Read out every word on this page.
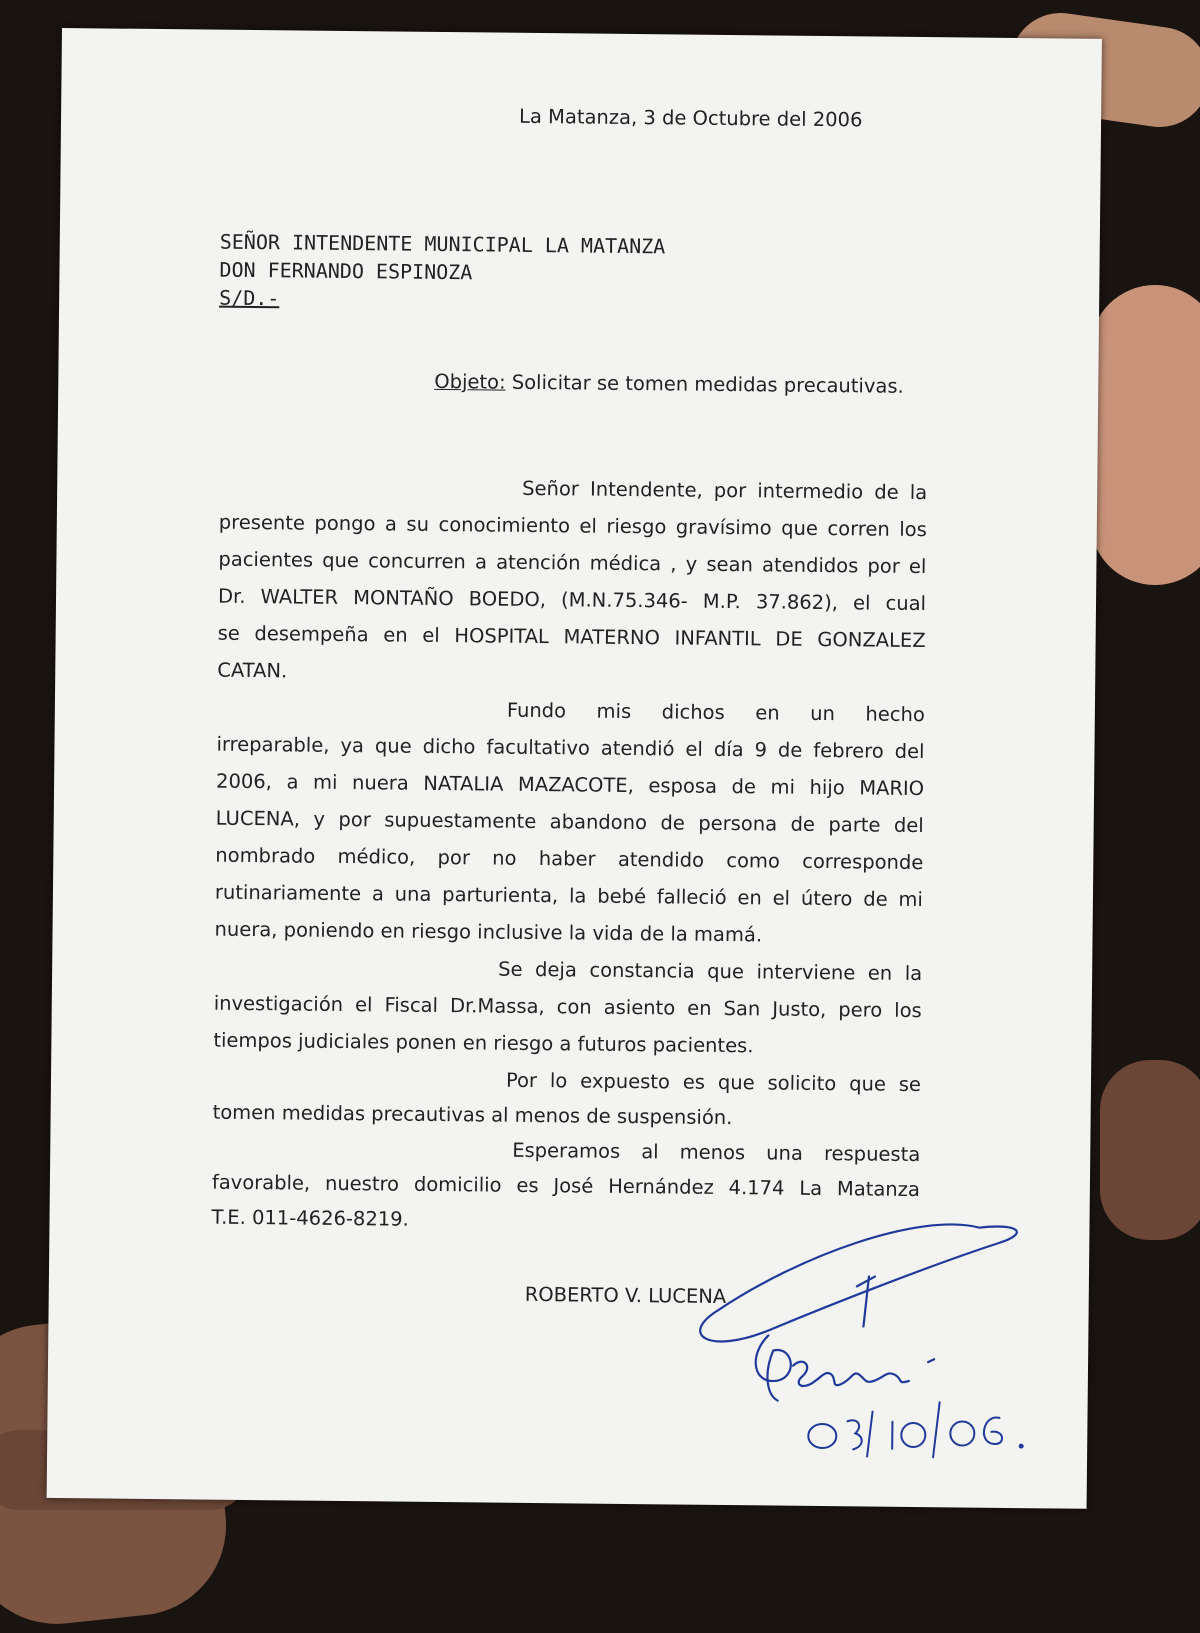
La Matanza, 3 de Octubre del 2006
SEÑOR INTENDENTE MUNICIPAL LA MATANZA
DON FERNANDO ESPINOZA
S/D.-
Objeto: Solicitar se tomen medidas precautivas.
Señor Intendente, por intermedio de la
presente pongo a su conocimiento el riesgo gravísimo que corren los
pacientes que concurren a atención médica , y sean atendidos por el
Dr. WALTER MONTAÑO BOEDO, (M.N.75.346- M.P. 37.862), el cual
se desempeña en el HOSPITAL MATERNO INFANTIL DE GONZALEZ
CATAN.
Fundo mis dichos en un hecho
irreparable, ya que dicho facultativo atendió el día 9 de febrero del
2006, a mi nuera NATALIA MAZACOTE, esposa de mi hijo MARIO
LUCENA, y por supuestamente abandono de persona de parte del
nombrado médico, por no haber atendido como corresponde
rutinariamente a una parturienta, la bebé falleció en el útero de mi
nuera, poniendo en riesgo inclusive la vida de la mamá.
Se deja constancia que interviene en la
investigación el Fiscal Dr.Massa, con asiento en San Justo, pero los
tiempos judiciales ponen en riesgo a futuros pacientes.
Por lo expuesto es que solicito que se
tomen medidas precautivas al menos de suspensión.
Esperamos al menos una respuesta
favorable, nuestro domicilio es José Hernández 4.174 La Matanza
T.E. 011-4626-8219.
ROBERTO V. LUCENA
